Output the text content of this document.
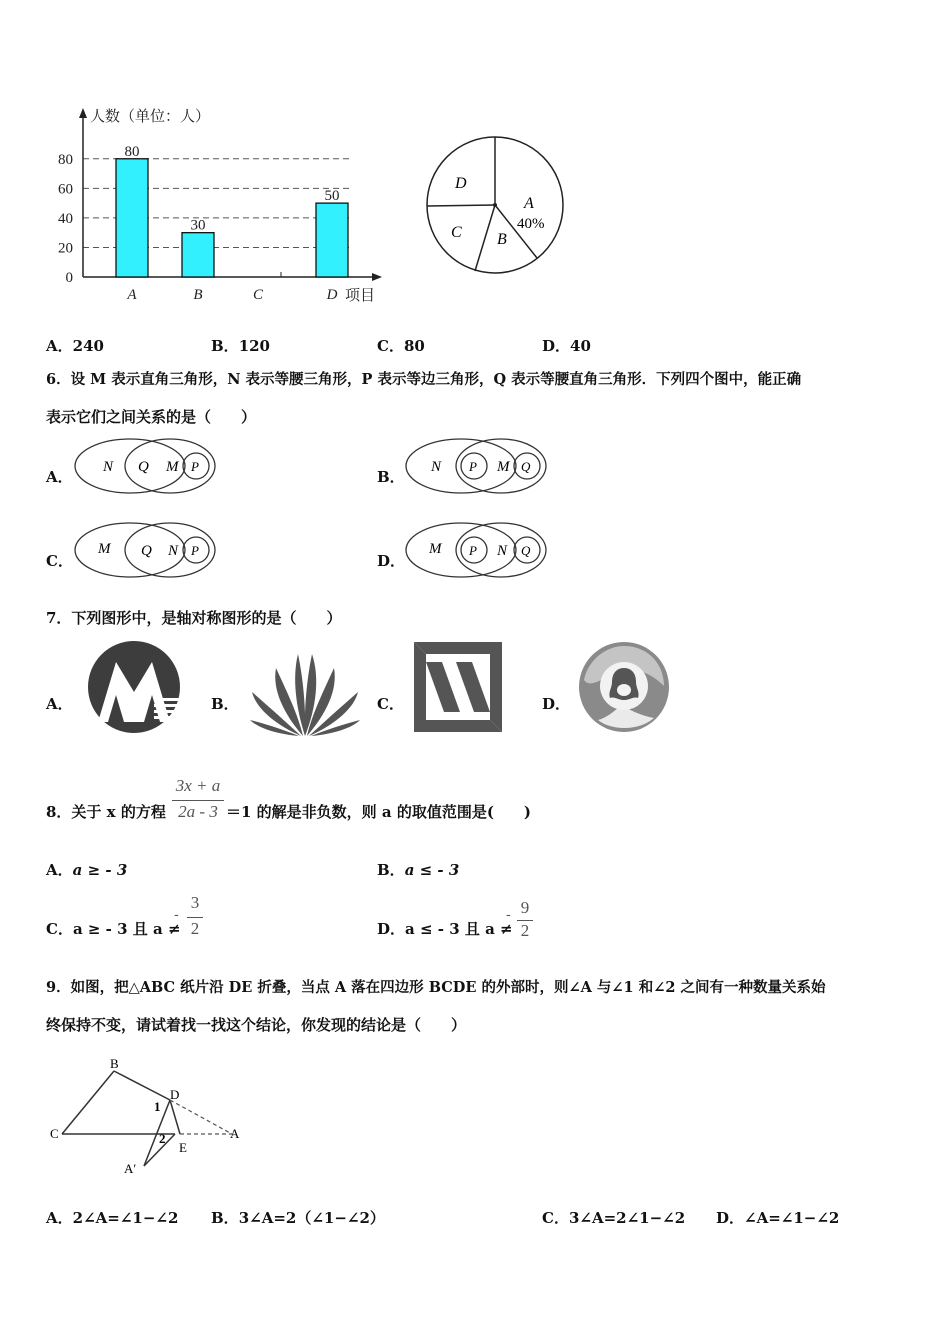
0
20
40
60
80
人数（单位：人）
80
A
30
B	C
50
D 项目
D
A
40%
C B
A．240	B．120	C．80	D．40
6．设 M 表示直角三角形，N 表示等腰三角形，P 表示等边三角形，Q 表示等腰直角三角形．下列四个图中，能正确
表示它们之间关系的是（　　）
A．
N Q M P
B．
N P M Q
C．
M Q N P
D．
M P N Q
7．下列图形中，是轴对称图形的是（　　）
A．	B．	C．	D．
8．关于 x 的方程
3x + a
2a - 3 ＝1 的解是非负数，则 a 的取值范围是(　　)
A．a ≥ - 3	B．a ≤ - 3
C．a ≥ - 3 且 a ≠
-
3
2	D．a ≤ - 3 且 a ≠
- 9
2
9．如图，把△ABC 纸片沿 DE 折叠，当点 A 落在四边形 BCDE 的外部时，则∠A 与∠1 和∠2 之间有一种数量关系始
终保持不变，请试着找一找这个结论，你发现的结论是（　　）
B
C
D
A
E
A′
1
2
A．2∠A=∠1−∠2 B．3∠A=2（∠1−∠2）	C．3∠A=2∠1−∠2 D．∠A=∠1−∠2
